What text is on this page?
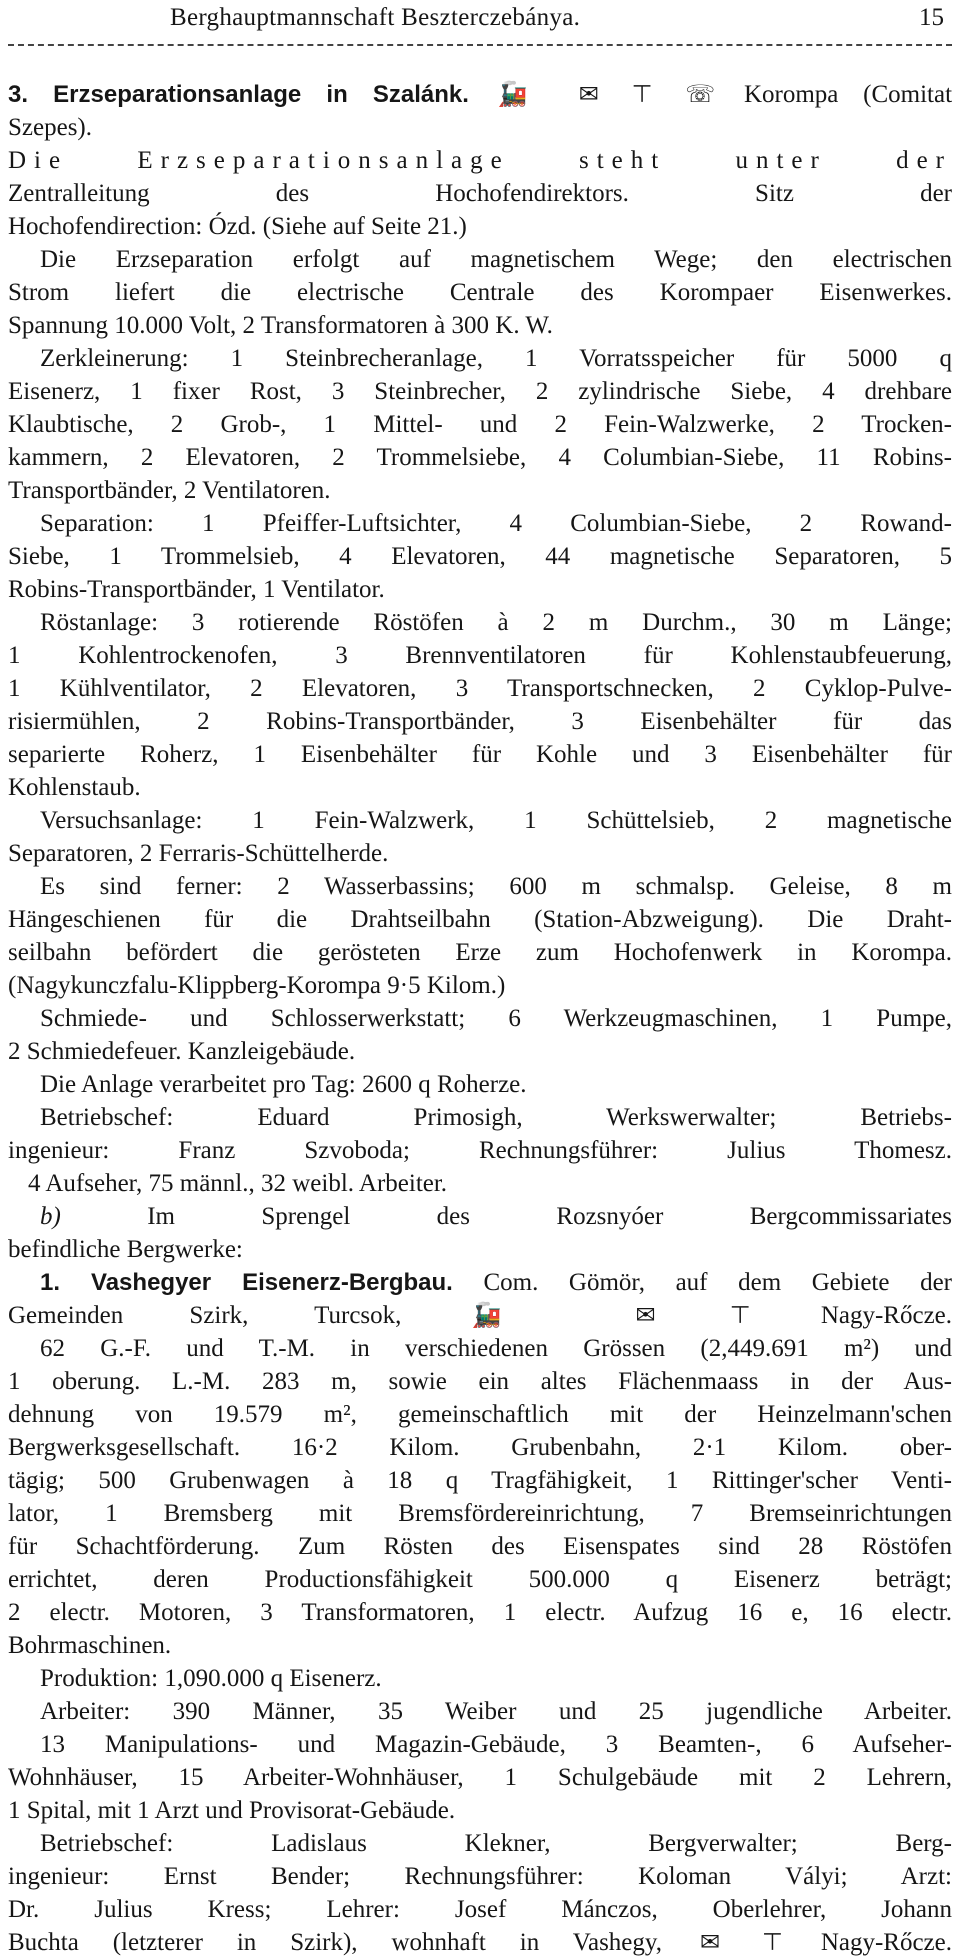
Berghauptmannschaft Beszterczebánya.	15
3. Erzseparationsanlage in Szalánk. 🚂 ✉ ⊤ ☏ Korompa (Comitat
Szepes).
Die Erzseparationsanlage steht unter der
Zentralleitung des Hochofendirektors. Sitz der
Hochofendirection: Ózd. (Siehe auf Seite 21.)
Die Erzseparation erfolgt auf magnetischem Wege; den electrischen
Strom liefert die electrische Centrale des Korompaer Eisenwerkes.
Spannung 10.000 Volt, 2 Transformatoren à 300 K. W.
Zerkleinerung: 1 Steinbrecheranlage, 1 Vorratsspeicher für 5000 q
Eisenerz, 1 fixer Rost, 3 Steinbrecher, 2 zylindrische Siebe, 4 drehbare
Klaubtische, 2 Grob-, 1 Mittel- und 2 Fein-Walzwerke, 2 Trocken-
kammern, 2 Elevatoren, 2 Trommelsiebe, 4 Columbian-Siebe, 11 Robins-
Transportbänder, 2 Ventilatoren.
Separation: 1 Pfeiffer-Luftsichter, 4 Columbian-Siebe, 2 Rowand-
Siebe, 1 Trommelsieb, 4 Elevatoren, 44 magnetische Separatoren, 5
Robins-Transportbänder, 1 Ventilator.
Röstanlage: 3 rotierende Röstöfen à 2 m Durchm., 30 m Länge;
1 Kohlentrockenofen, 3 Brennventilatoren für Kohlenstaubfeuerung,
1 Kühlventilator, 2 Elevatoren, 3 Transportschnecken, 2 Cyklop-Pulve-
risiermühlen, 2 Robins-Transportbänder, 3 Eisenbehälter für das
separierte Roherz, 1 Eisenbehälter für Kohle und 3 Eisenbehälter für
Kohlenstaub.
Versuchsanlage: 1 Fein-Walzwerk, 1 Schüttelsieb, 2 magnetische
Separatoren, 2 Ferraris-Schüttelherde.
Es sind ferner: 2 Wasserbassins; 600 m schmalsp. Geleise, 8 m
Hängeschienen für die Drahtseilbahn (Station-Abzweigung). Die Draht-
seilbahn befördert die gerösteten Erze zum Hochofenwerk in Korompa.
(Nagykunczfalu-Klippberg-Korompa 9·5 Kilom.)
Schmiede- und Schlosserwerkstatt; 6 Werkzeugmaschinen, 1 Pumpe,
2 Schmiedefeuer. Kanzleigebäude.
Die Anlage verarbeitet pro Tag: 2600 q Roherze.
Betriebschef: Eduard Primosigh, Werkswerwalter; Betriebs-
ingenieur: Franz Szvoboda; Rechnungsführer: Julius Thomesz.
4 Aufseher, 75 männl., 32 weibl. Arbeiter.
b)	Im Sprengel des Rozsnyóer Bergcommissariates
befindliche Bergwerke:
1. Vashegyer Eisenerz-Bergbau. Com. Gömör, auf dem Gebiete der
Gemeinden Szirk, Turcsok,	🚂	✉	⊤	Nagy-Rőcze.
62 G.-F. und T.-M. in verschiedenen Grössen (2,449.691 m²) und
1 oberung. L.-M. 283 m, sowie ein altes Flächenmaass in der Aus-
dehnung von 19.579 m², gemeinschaftlich mit der Heinzelmann'schen
Bergwerksgesellschaft. 16·2 Kilom. Grubenbahn, 2·1 Kilom. ober-
tägig; 500 Grubenwagen à 18 q Tragfähigkeit, 1 Rittinger'scher Venti-
lator, 1 Bremsberg mit Bremsfördereinrichtung, 7 Bremseinrichtungen
für Schachtförderung. Zum Rösten des Eisenspates sind 28 Röstöfen
errichtet, deren Productionsfähigkeit 500.000 q Eisenerz beträgt;
2 electr. Motoren, 3 Transformatoren, 1 electr. Aufzug 16 e, 16 electr.
Bohrmaschinen.
Produktion: 1,090.000 q Eisenerz.
Arbeiter: 390 Männer, 35 Weiber und 25 jugendliche Arbeiter.
13 Manipulations- und Magazin-Gebäude, 3 Beamten-, 6 Aufseher-
Wohnhäuser, 15 Arbeiter-Wohnhäuser, 1 Schulgebäude mit 2 Lehrern,
1 Spital, mit 1 Arzt und Provisorat-Gebäude.
Betriebschef: Ladislaus Klekner, Bergverwalter; Berg-
ingenieur: Ernst Bender; Rechnungsführer: Koloman Vályi; Arzt:
Dr. Julius Kress; Lehrer: Josef Mánczos, Oberlehrer, Johann
Buchta (letzterer in Szirk), wohnhaft in Vashegy, ✉ ⊤ Nagy-Rőcze.
